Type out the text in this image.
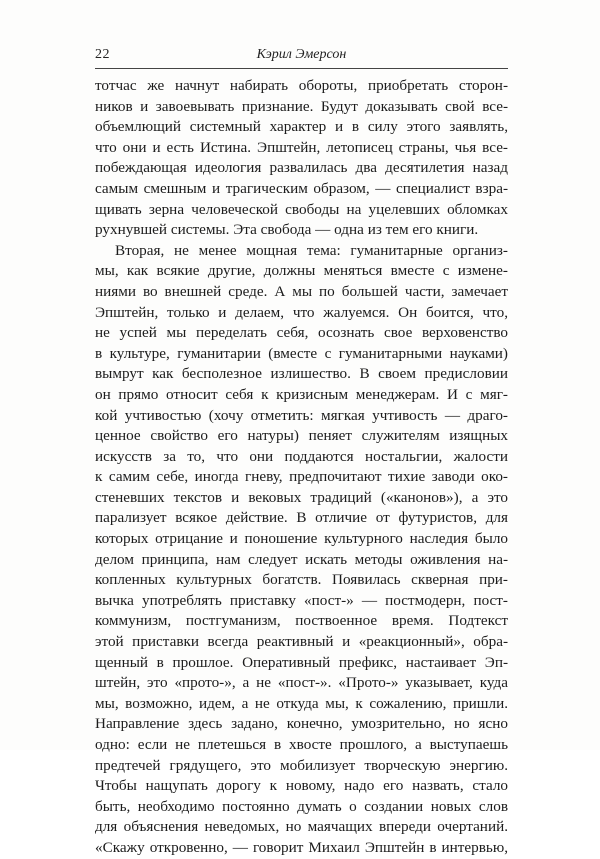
22	Кэрил Эмерсон
тотчас же начнут набирать обороты, приобретать сторон-
ников и завоевывать признание. Будут доказывать свой все-
объемлющий системный характер и в силу этого заявлять,
что они и есть Истина. Эпштейн, летописец страны, чья все-
побеждающая идеология развалилась два десятилетия назад
самым смешным и трагическим образом, — специалист взра-
щивать зерна человеческой свободы на уцелевших обломках
рухнувшей системы. Эта свобода — одна из тем его книги.
Вторая, не менее мощная тема: гуманитарные организ-
мы, как всякие другие, должны меняться вместе с измене-
ниями во внешней среде. А мы по большей части, замечает
Эпштейн, только и делаем, что жалуемся. Он боится, что,
не успей мы переделать себя, осознать свое верховенство
в культуре, гуманитарии (вместе с гуманитарными науками)
вымрут как бесполезное излишество. В своем предисловии
он прямо относит себя к кризисным менеджерам. И с мяг-
кой учтивостью (хочу отметить: мягкая учтивость — драго-
ценное свойство его натуры) пеняет служителям изящных
искусств за то, что они поддаются ностальгии, жалости
к самим себе, иногда гневу, предпочитают тихие заводи око-
стеневших текстов и вековых традиций («канонов»), а это
парализует всякое действие. В отличие от футуристов, для
которых отрицание и поношение культурного наследия было
делом принципа, нам следует искать методы оживления на-
копленных культурных богатств. Появилась скверная при-
вычка употреблять приставку «пост-» — постмодерн, пост-
коммунизм, постгуманизм, поствоенное время. Подтекст
этой приставки всегда реактивный и «реакционный», обра-
щенный в прошлое. Оперативный префикс, настаивает Эп-
штейн, это «прото-», а не «пост-». «Прото-» указывает, куда
мы, возможно, идем, а не откуда мы, к сожалению, пришли.
Направление здесь задано, конечно, умозрительно, но ясно
одно: если не плетешься в хвосте прошлого, а выступаешь
предтечей грядущего, это мобилизует творческую энергию.
Чтобы нащупать дорогу к новому, надо его назвать, стало
быть, необходимо постоянно думать о создании новых слов
для объяснения неведомых, но маячащих впереди очертаний.
«Скажу откровенно, — говорит Михаил Эпштейн в интервью,
